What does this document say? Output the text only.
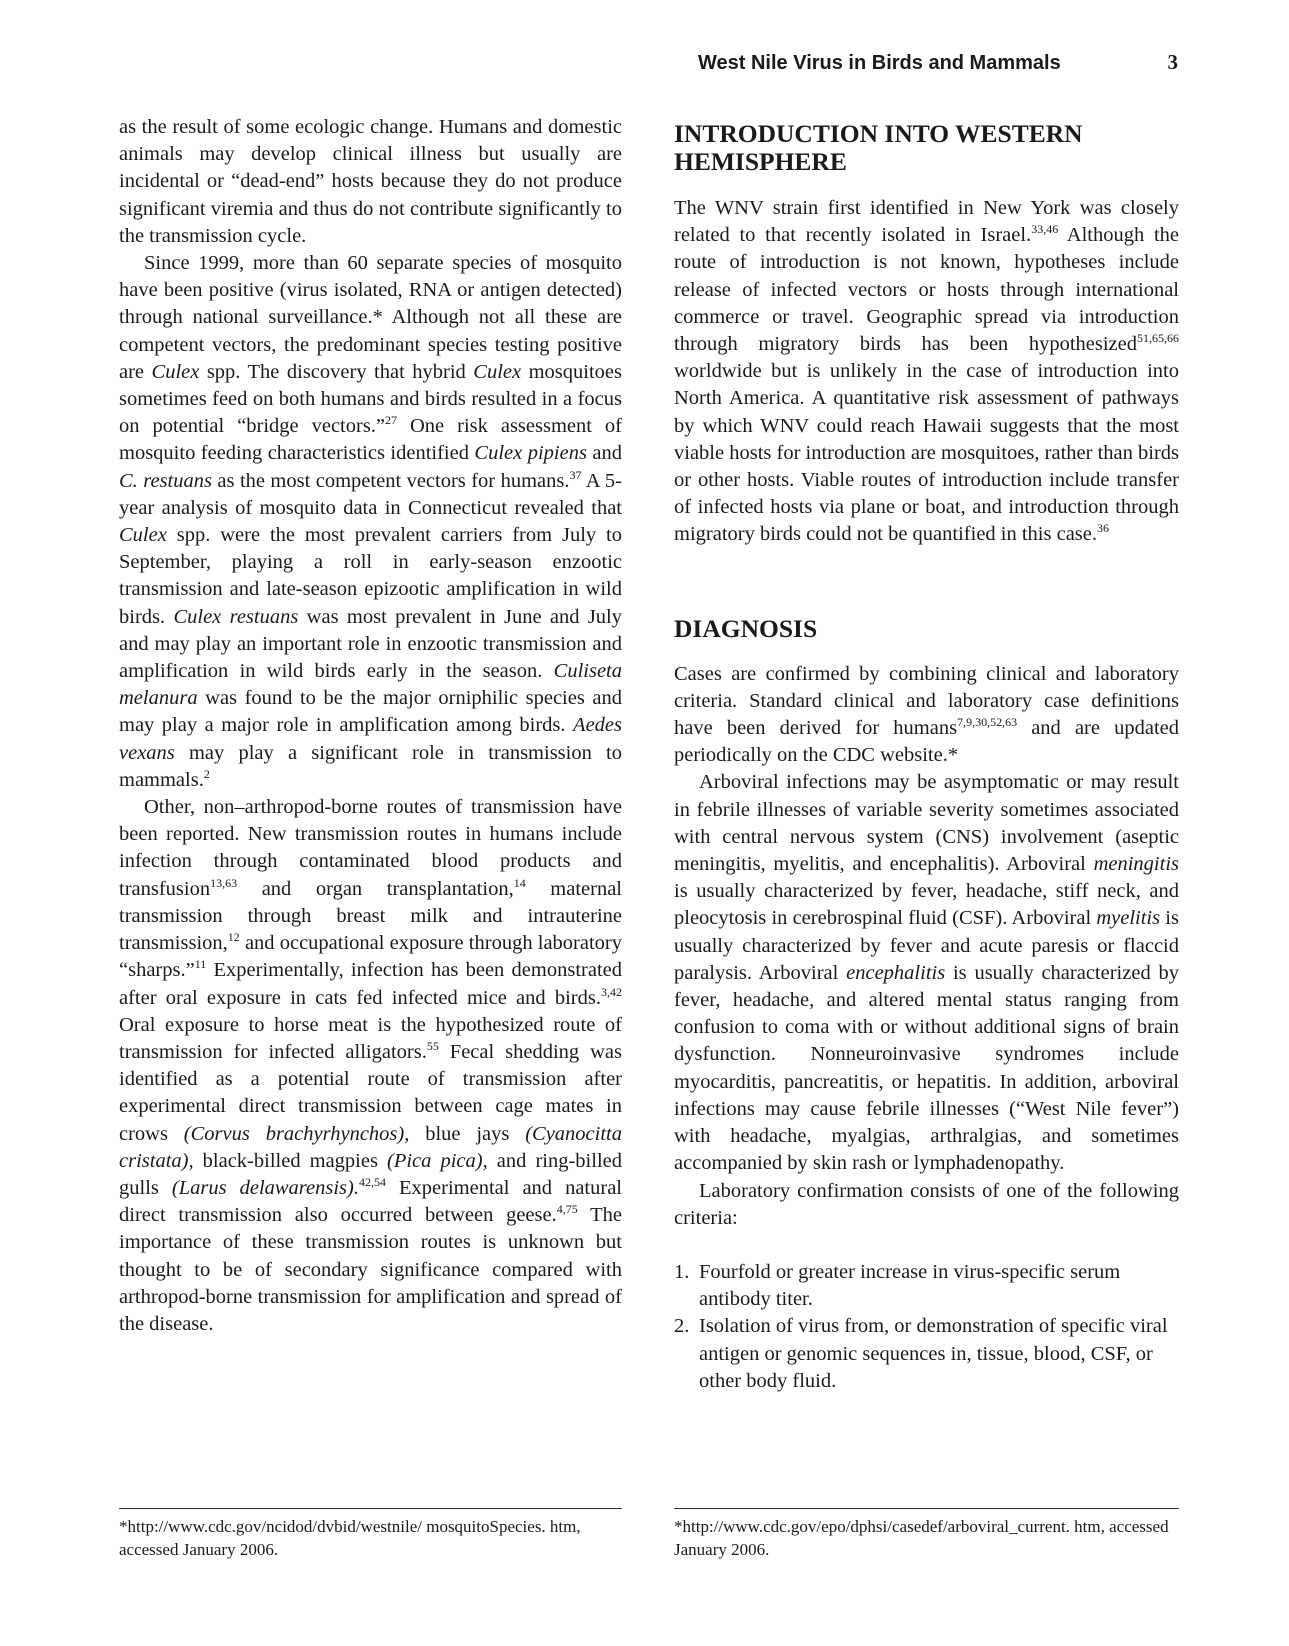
West Nile Virus in Birds and Mammals	3

as the result of some ecologic change. Humans and domestic animals may develop clinical illness but usually are incidental or “dead-end” hosts because they do not produce significant viremia and thus do not contribute significantly to the transmission cycle.

Since 1999, more than 60 separate species of mosquito have been positive (virus isolated, RNA or antigen detected) through national surveillance.* Although not all these are competent vectors, the predominant species testing positive are Culex spp. The discovery that hybrid Culex mosquitoes sometimes feed on both humans and birds resulted in a focus on potential “bridge vectors.”$^{27}$ One risk assessment of mosquito feeding characteristics identified Culex pipiens and C. restuans as the most competent vectors for humans.$^{37}$ A 5-year analysis of mosquito data in Connecticut revealed that Culex spp. were the most prevalent carriers from July to September, playing a roll in early-season enzootic transmission and late-season epizootic amplification in wild birds. Culex restuans was most prevalent in June and July and may play an important role in enzootic transmission and amplification in wild birds early in the season. Culiseta melanura was found to be the major orniphilic species and may play a major role in amplification among birds. Aedes vexans may play a significant role in transmission to mammals.$^2$

Other, non–arthropod-borne routes of transmission have been reported. New transmission routes in humans include infection through contaminated blood products and transfusion$^{13,63}$ and organ transplantation,$^{14}$ maternal transmission through breast milk and intrauterine transmission,$^{12}$ and occupational exposure through laboratory “sharps.”$^{11}$ Experimentally, infection has been demonstrated after oral exposure in cats fed infected mice and birds.$^{3,42}$ Oral exposure to horse meat is the hypothesized route of transmission for infected alligators.$^{55}$ Fecal shedding was identified as a potential route of transmission after experimental direct transmission between cage mates in crows (Corvus brachyrhynchos), blue jays (Cyanocitta cristata), black-billed magpies (Pica pica), and ring-billed gulls (Larus delawarensis).$^{42,54}$ Experimental and natural direct transmission also occurred between geese.$^{4,75}$ The importance of these transmission routes is unknown but thought to be of secondary significance compared with arthropod-borne transmission for amplification and spread of the disease.

INTRODUCTION INTO WESTERN HEMISPHERE

The WNV strain first identified in New York was closely related to that recently isolated in Israel.$^{33,46}$ Although the route of introduction is not known, hypotheses include release of infected vectors or hosts through international commerce or travel. Geographic spread via introduction through migratory birds has been hypothesized$^{51,65,66}$ worldwide but is unlikely in the case of introduction into North America. A quantitative risk assessment of pathways by which WNV could reach Hawaii suggests that the most viable hosts for introduction are mosquitoes, rather than birds or other hosts. Viable routes of introduction include transfer of infected hosts via plane or boat, and introduction through migratory birds could not be quantified in this case.$^{36}$

DIAGNOSIS

Cases are confirmed by combining clinical and laboratory criteria. Standard clinical and laboratory case definitions have been derived for humans$^{7,9,30,52,63}$ and are updated periodically on the CDC website.*

Arboviral infections may be asymptomatic or may result in febrile illnesses of variable severity sometimes associated with central nervous system (CNS) involvement (aseptic meningitis, myelitis, and encephalitis). Arboviral meningitis is usually characterized by fever, headache, stiff neck, and pleocytosis in cerebrospinal fluid (CSF). Arboviral myelitis is usually characterized by fever and acute paresis or flaccid paralysis. Arboviral encephalitis is usually characterized by fever, headache, and altered mental status ranging from confusion to coma with or without additional signs of brain dysfunction. Nonneuroinvasive syndromes include myocarditis, pancreatitis, or hepatitis. In addition, arboviral infections may cause febrile illnesses (“West Nile fever”) with headache, myalgias, arthralgias, and sometimes accompanied by skin rash or lymphadenopathy.

Laboratory confirmation consists of one of the following criteria:

1. Fourfold or greater increase in virus-specific serum antibody titer.
2. Isolation of virus from, or demonstration of specific viral antigen or genomic sequences in, tissue, blood, CSF, or other body fluid.
*http://www.cdc.gov/ncidod/dvbid/westnile/ mosquitoSpecies. htm, accessed January 2006.
*http://www.cdc.gov/epo/dphsi/casedef/arboviral_current. htm, accessed January 2006.
